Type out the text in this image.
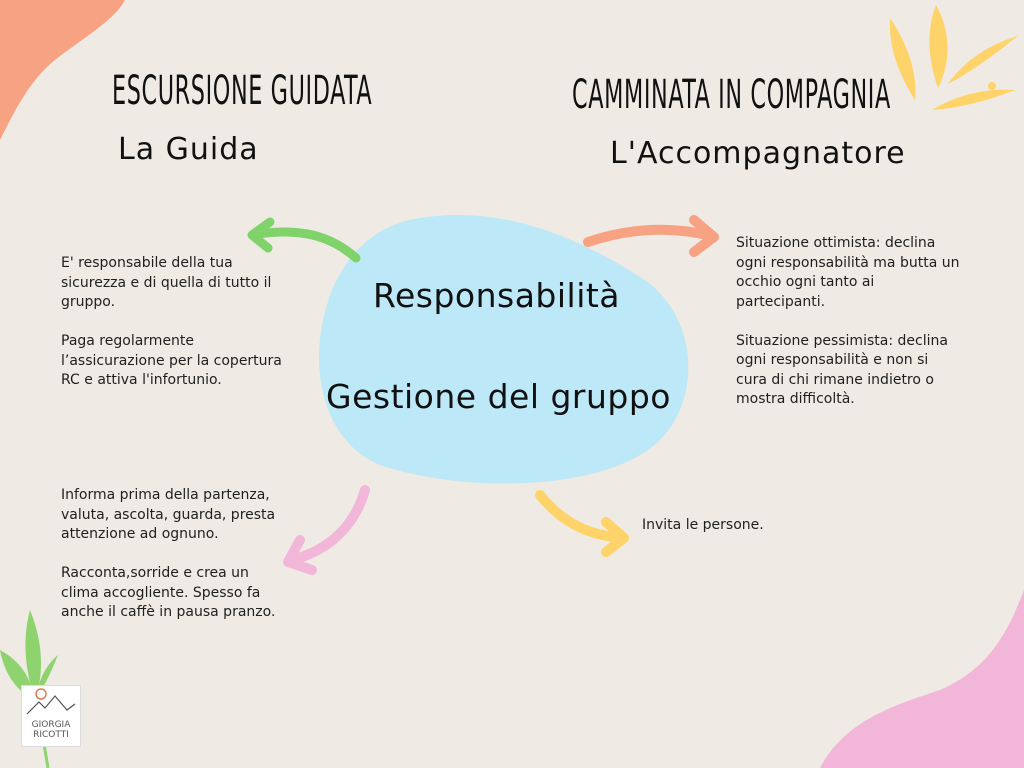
ESCURSIONE GUIDATA
La Guida
CAMMINATA IN COMPAGNIA
L'Accompagnatore
Responsabilità
Gestione del gruppo
E' responsabile della tua
sicurezza e di quella di tutto il
gruppo.

Paga regolarmente
l’assicurazione per la copertura
RC e attiva l'infortunio.
Informa prima della partenza,
valuta, ascolta, guarda, presta
attenzione ad ognuno.

Racconta,sorride e crea un
clima accogliente. Spesso fa
anche il caffè in pausa pranzo.
Situazione ottimista: declina
ogni responsabilità ma butta un
occhio ogni tanto ai
partecipanti.

Situazione pessimista: declina
ogni responsabilità e non si
cura di chi rimane indietro o
mostra difficoltà.
Invita le persone.
GIORGIA
RICOTTI
